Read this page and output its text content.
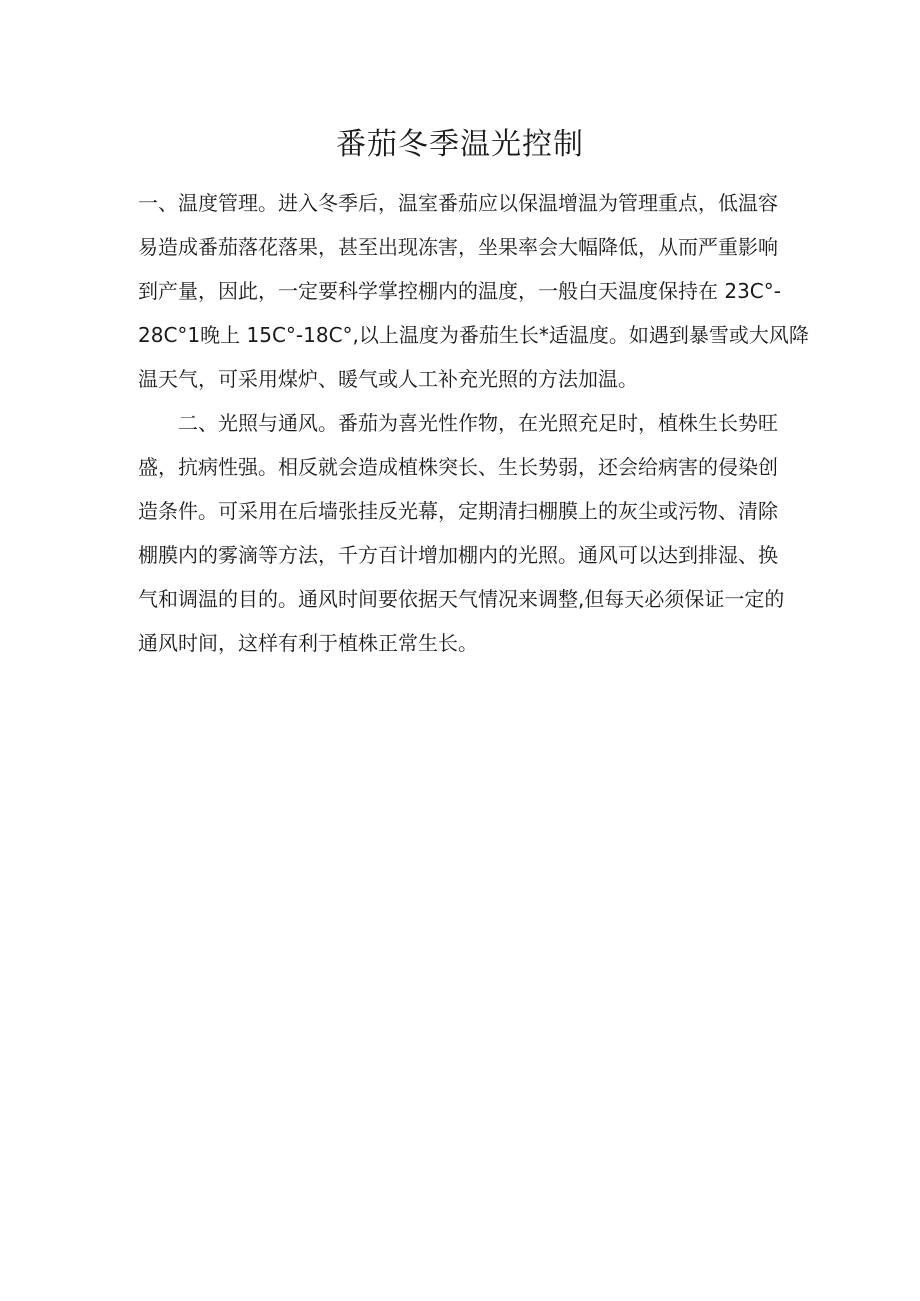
番茄冬季温光控制

一、温度管理。进入冬季后，温室番茄应以保温增温为管理重点，低温容

易造成番茄落花落果，甚至出现冻害，坐果率会大幅降低，从而严重影响

到产量，因此，一定要科学掌控棚内的温度，一般白天温度保持在 23C°-

28C°1晚上 15C°-18C°,以上温度为番茄生长*适温度。如遇到暴雪或大风降

温天气，可采用煤炉、暖气或人工补充光照的方法加温。

二、光照与通风。番茄为喜光性作物，在光照充足时，植株生长势旺

盛，抗病性强。相反就会造成植株突长、生长势弱，还会给病害的侵染创

造条件。可采用在后墙张挂反光幕，定期清扫棚膜上的灰尘或污物、清除

棚膜内的雾滴等方法，千方百计增加棚内的光照。通风可以达到排湿、换

气和调温的目的。通风时间要依据天气情况来调整,但每天必须保证一定的

通风时间，这样有利于植株正常生长。
